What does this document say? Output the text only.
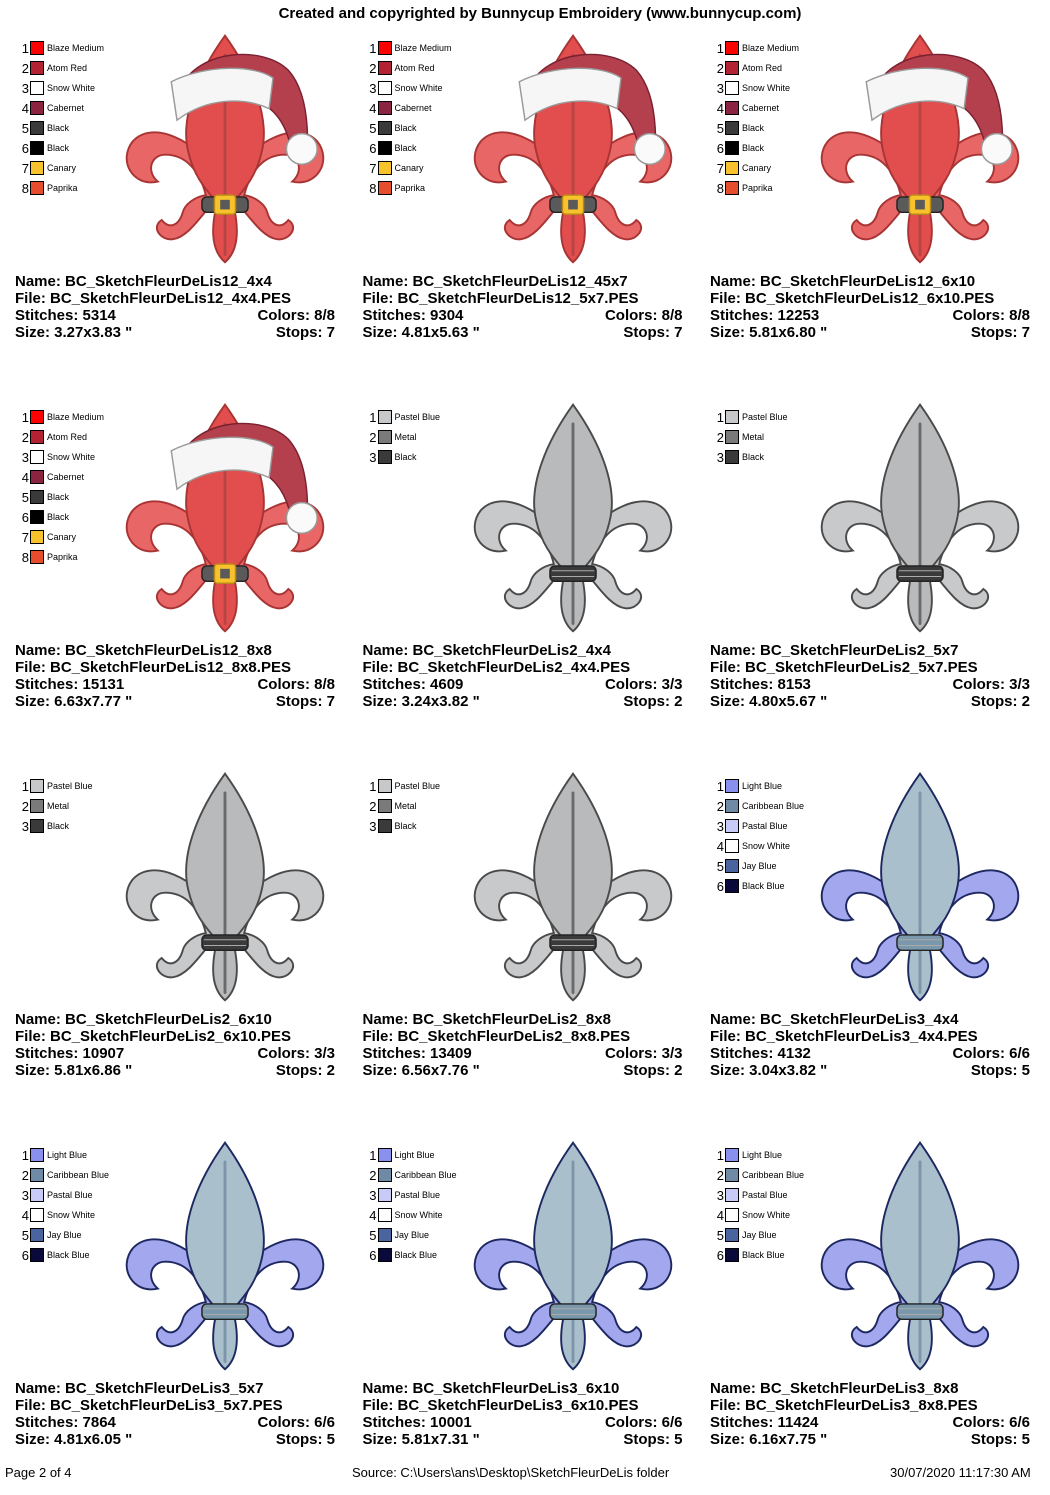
Created and copyrighted by Bunnycup Embroidery (www.bunnycup.com)
1 Blaze Medium
2 Atom Red
3 Snow White
4 Cabernet
5 Black
6 Black
7 Canary
8 Paprika
Name: BC_SketchFleurDeLis12_4x4
File: BC_SketchFleurDeLis12_4x4.PES
Stitches: 5314	Colors: 8/8
Size: 3.27x3.83 "	Stops: 7
1 Blaze Medium
2 Atom Red
3 Snow White
4 Cabernet
5 Black
6 Black
7 Canary
8 Paprika
Name: BC_SketchFleurDeLis12_45x7
File: BC_SketchFleurDeLis12_5x7.PES
Stitches: 9304	Colors: 8/8
Size: 4.81x5.63 "	Stops: 7
1 Blaze Medium
2 Atom Red
3 Snow White
4 Cabernet
5 Black
6 Black
7 Canary
8 Paprika
Name: BC_SketchFleurDeLis12_6x10
File: BC_SketchFleurDeLis12_6x10.PES
Stitches: 12253	Colors: 8/8
Size: 5.81x6.80 "	Stops: 7
1 Blaze Medium
2 Atom Red
3 Snow White
4 Cabernet
5 Black
6 Black
7 Canary
8 Paprika
Name: BC_SketchFleurDeLis12_8x8
File: BC_SketchFleurDeLis12_8x8.PES
Stitches: 15131	Colors: 8/8
Size: 6.63x7.77 "	Stops: 7
1 Pastel Blue
2 Metal
3 Black
Name: BC_SketchFleurDeLis2_4x4
File: BC_SketchFleurDeLis2_4x4.PES
Stitches: 4609	Colors: 3/3
Size: 3.24x3.82 "	Stops: 2
1 Pastel Blue
2 Metal
3 Black
Name: BC_SketchFleurDeLis2_5x7
File: BC_SketchFleurDeLis2_5x7.PES
Stitches: 8153	Colors: 3/3
Size: 4.80x5.67 "	Stops: 2
1 Pastel Blue
2 Metal
3 Black
Name: BC_SketchFleurDeLis2_6x10
File: BC_SketchFleurDeLis2_6x10.PES
Stitches: 10907	Colors: 3/3
Size: 5.81x6.86 "	Stops: 2
1 Pastel Blue
2 Metal
3 Black
Name: BC_SketchFleurDeLis2_8x8
File: BC_SketchFleurDeLis2_8x8.PES
Stitches: 13409	Colors: 3/3
Size: 6.56x7.76 "	Stops: 2
1 Light Blue
2 Caribbean Blue
3 Pastal Blue
4 Snow White
5 Jay Blue
6 Black Blue
Name: BC_SketchFleurDeLis3_4x4
File: BC_SketchFleurDeLis3_4x4.PES
Stitches: 4132	Colors: 6/6
Size: 3.04x3.82 "	Stops: 5
1 Light Blue
2 Caribbean Blue
3 Pastal Blue
4 Snow White
5 Jay Blue
6 Black Blue
Name: BC_SketchFleurDeLis3_5x7
File: BC_SketchFleurDeLis3_5x7.PES
Stitches: 7864	Colors: 6/6
Size: 4.81x6.05 "	Stops: 5
1 Light Blue
2 Caribbean Blue
3 Pastal Blue
4 Snow White
5 Jay Blue
6 Black Blue
Name: BC_SketchFleurDeLis3_6x10
File: BC_SketchFleurDeLis3_6x10.PES
Stitches: 10001	Colors: 6/6
Size: 5.81x7.31 "	Stops: 5
1 Light Blue
2 Caribbean Blue
3 Pastal Blue
4 Snow White
5 Jay Blue
6 Black Blue
Name: BC_SketchFleurDeLis3_8x8
File: BC_SketchFleurDeLis3_8x8.PES
Stitches: 11424	Colors: 6/6
Size: 6.16x7.75 "	Stops: 5
Page 2 of 4	Source: C:\Users\ans\Desktop\SketchFleurDeLis folder	30/07/2020 11:17:30 AM
